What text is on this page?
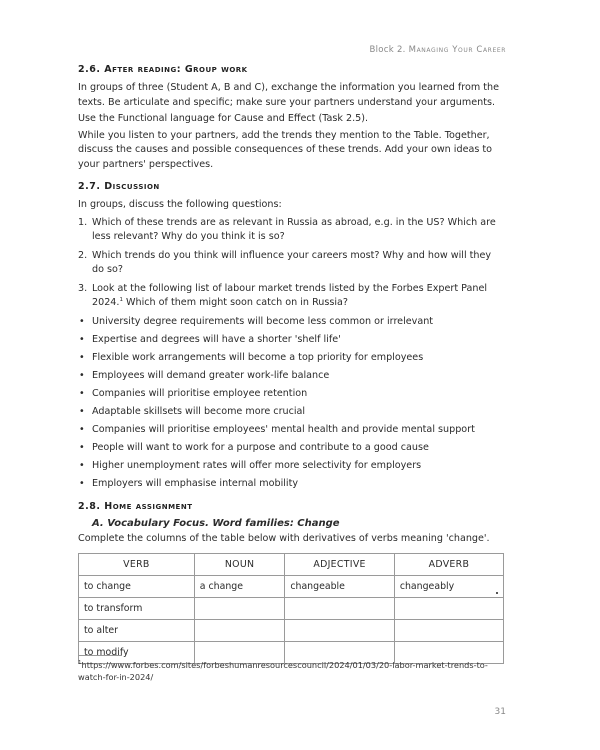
Block 2. Managing Your Career
2.6. After reading: Group work

In groups of three (Student A, B and C), exchange the information you learned from the texts. Be articulate and specific; make sure your partners understand your arguments.

Use the Functional language for Cause and Effect (Task 2.5).

While you listen to your partners, add the trends they mention to the Table. Together, discuss the causes and possible consequences of these trends. Add your own ideas to your partners' perspectives.

2.7. Discussion

In groups, discuss the following questions:

1. Which of these trends are as relevant in Russia as abroad, e.g. in the US? Which are less relevant? Why do you think it is so?
2. Which trends do you think will influence your careers most? Why and how will they do so?
3. Look at the following list of labour market trends listed by the Forbes Expert Panel 2024.$^1$ Which of them might soon catch on in Russia?
• University degree requirements will become less common or irrelevant
• Expertise and degrees will have a shorter 'shelf life'
• Flexible work arrangements will become a top priority for employees
• Employees will demand greater work-life balance
• Companies will prioritise employee retention
• Adaptable skillsets will become more crucial
• Companies will prioritise employees' mental health and provide mental support
• People will want to work for a purpose and contribute to a good cause
• Higher unemployment rates will offer more selectivity for employers
• Employers will emphasise internal mobility
2.8. Home assignment
A. Vocabulary Focus. Word families: Change

Complete the columns of the table below with derivatives of verbs meaning 'change'.

VERB	NOUN	ADJECTIVE	ADVERB
to change	a change	changeable	changeably
to transform			
to alter			
to modify			
$^1$https://www.forbes.com/sites/forbeshumanresourcescouncil/2024/01/03/20-labor-market-trends-to-watch-for-in-2024/
31
